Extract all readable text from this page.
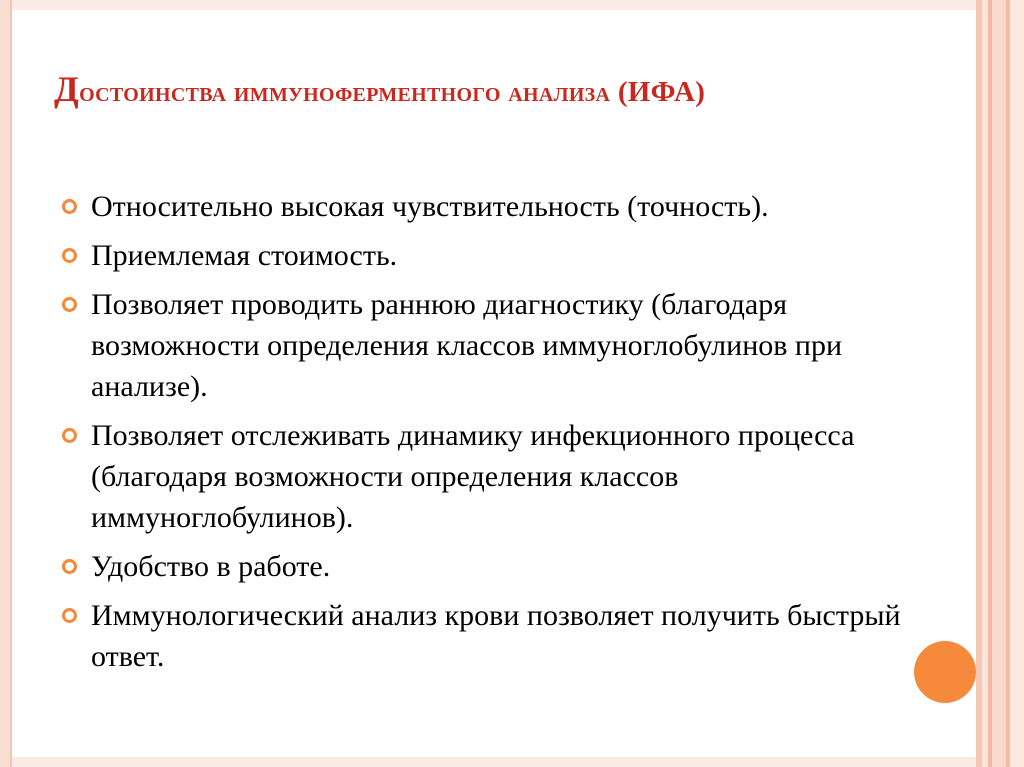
Достоинства иммуноферментного анализа (ИФА)
Относительно высокая чувствительность (точность).
Приемлемая стоимость.
Позволяет проводить раннюю диагностику (благодаря возможности определения классов иммуноглобулинов при анализе).
Позволяет отслеживать динамику инфекционного процесса (благодаря возможности определения классов иммуноглобулинов).
Удобство в работе.
Иммунологический анализ крови позволяет получить быстрый ответ.
